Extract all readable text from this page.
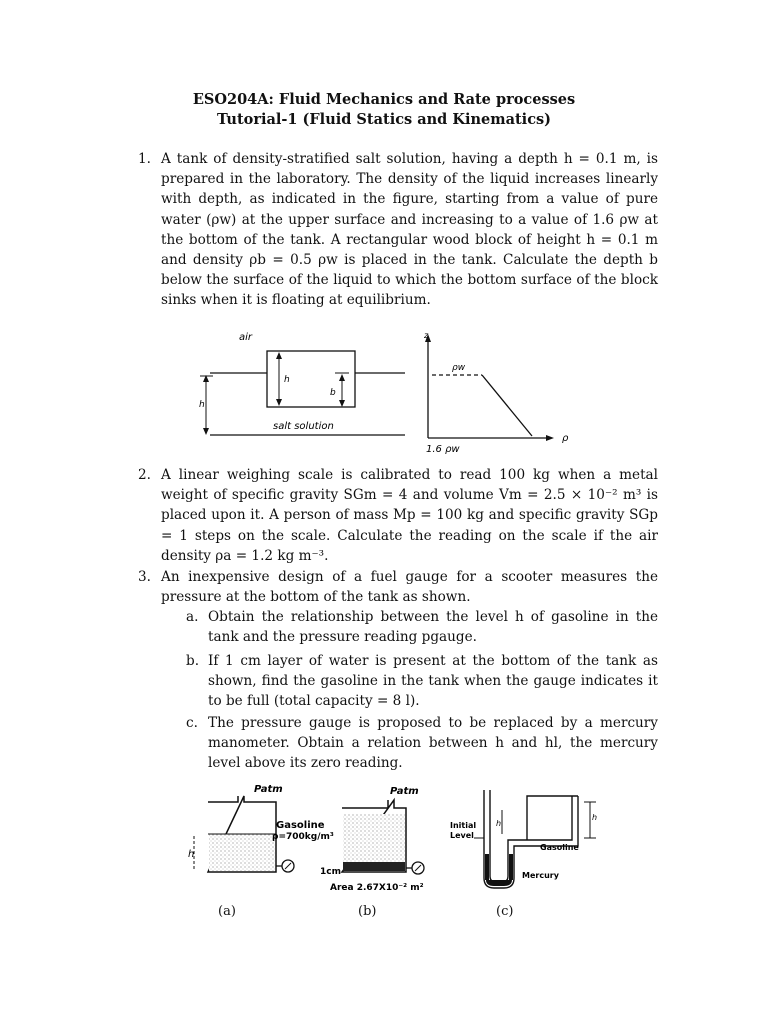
ESO204A: Fluid Mechanics and Rate processes
Tutorial-1 (Fluid Statics and Kinematics)
1. A tank of density-stratified salt solution, having a depth h = 0.1 m, is prepared in the laboratory. The density of the liquid increases linearly with depth, as indicated in the figure, starting from a value of pure water (ρw) at the upper surface and increasing to a value of 1.6 ρw at the bottom of the tank. A rectangular wood block of height h = 0.1 m and density ρb = 0.5 ρw is placed in the tank. Calculate the depth b below the surface of the liquid to which the bottom surface of the block sinks when it is floating at equilibrium.
air
h
b
h
salt solution
z
ρ
ρw
1.6 ρw
2. A linear weighing scale is calibrated to read 100 kg when a metal weight of specific gravity SGm = 4 and volume Vm = 2.5 × 10⁻² m³ is placed upon it. A person of mass Mp = 100 kg and specific gravity SGp = 1 steps on the scale. Calculate the reading on the scale if the air density ρa = 1.2 kg m⁻³.
3. An inexpensive design of a fuel gauge for a scooter measures the pressure at the bottom of the tank as shown.
a. Obtain the relationship between the level h of gasoline in the tank and the pressure reading pgauge.
b. If 1 cm layer of water is present at the bottom of the tank as shown, find the gasoline in the tank when the gauge indicates it to be full (total capacity = 8 l).
c. The pressure gauge is proposed to be replaced by a mercury manometer. Obtain a relation between h and hl, the mercury level above its zero reading.
Patm
h
Gasoline
ρ=700kg/m³
Patm
1cm
Area 2.67X10⁻² m²
h
h
Initial
Level
Gasoline
Mercury
(a)	(b)	(c)
